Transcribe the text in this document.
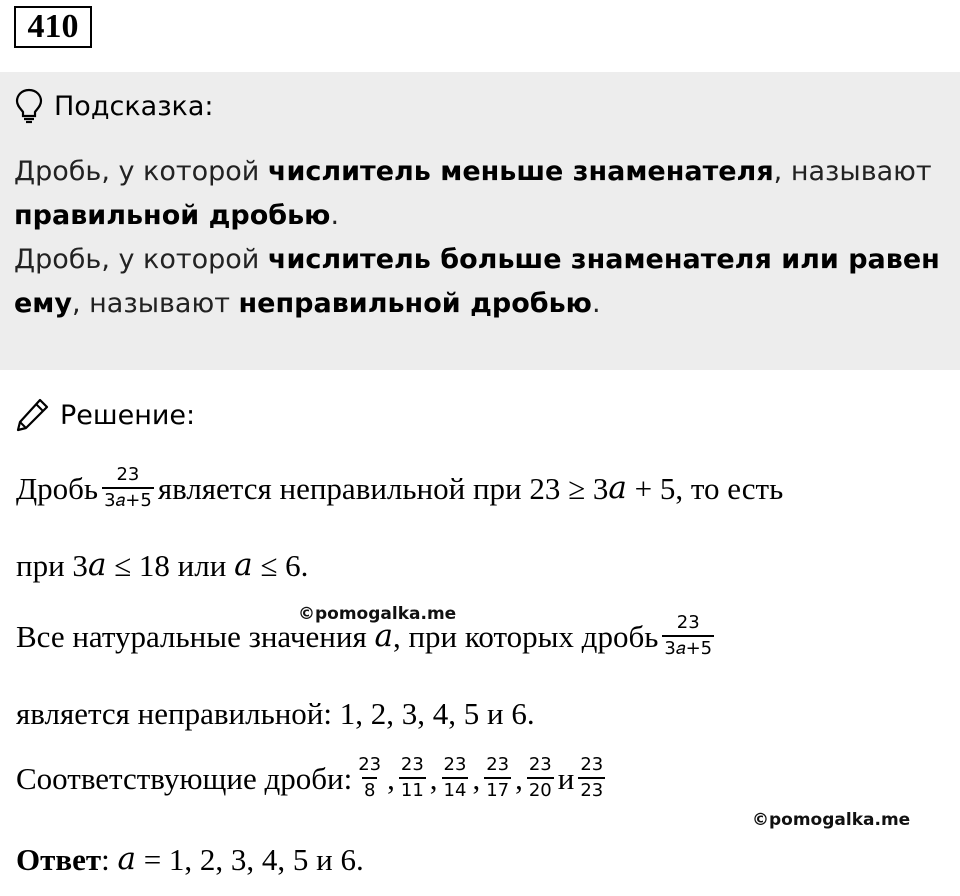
410
Подсказка:
Дробь, у которой числитель меньше знаменателя, называют правильной дробью.
Дробь, у которой числитель больше знаменателя или равен ему, называют неправильной дробью.
Решение:
Дробь $\frac{23}{\text{3𝑎+5}}$ является неправильной при 23 ≥ 3 𝑎 + 5, то есть
при 3 𝑎 ≤ 18 или 𝑎 ≤ 6.
©pomogalka.me
Все натуральные значения 𝑎 , при которых дробь $\frac{23}{\text{3𝑎+5}}$
является неправильной: 1, 2, 3, 4, 5 и 6.
Соответствующие дроби: $\frac{23}{8}$ , $\frac{23}{11}$ , $\frac{23}{14}$ , $\frac{23}{17}$ , $\frac{23}{20}$ и $\frac{23}{23}$
©pomogalka.me
Ответ : 𝑎 = 1, 2, 3, 4, 5 и 6.
